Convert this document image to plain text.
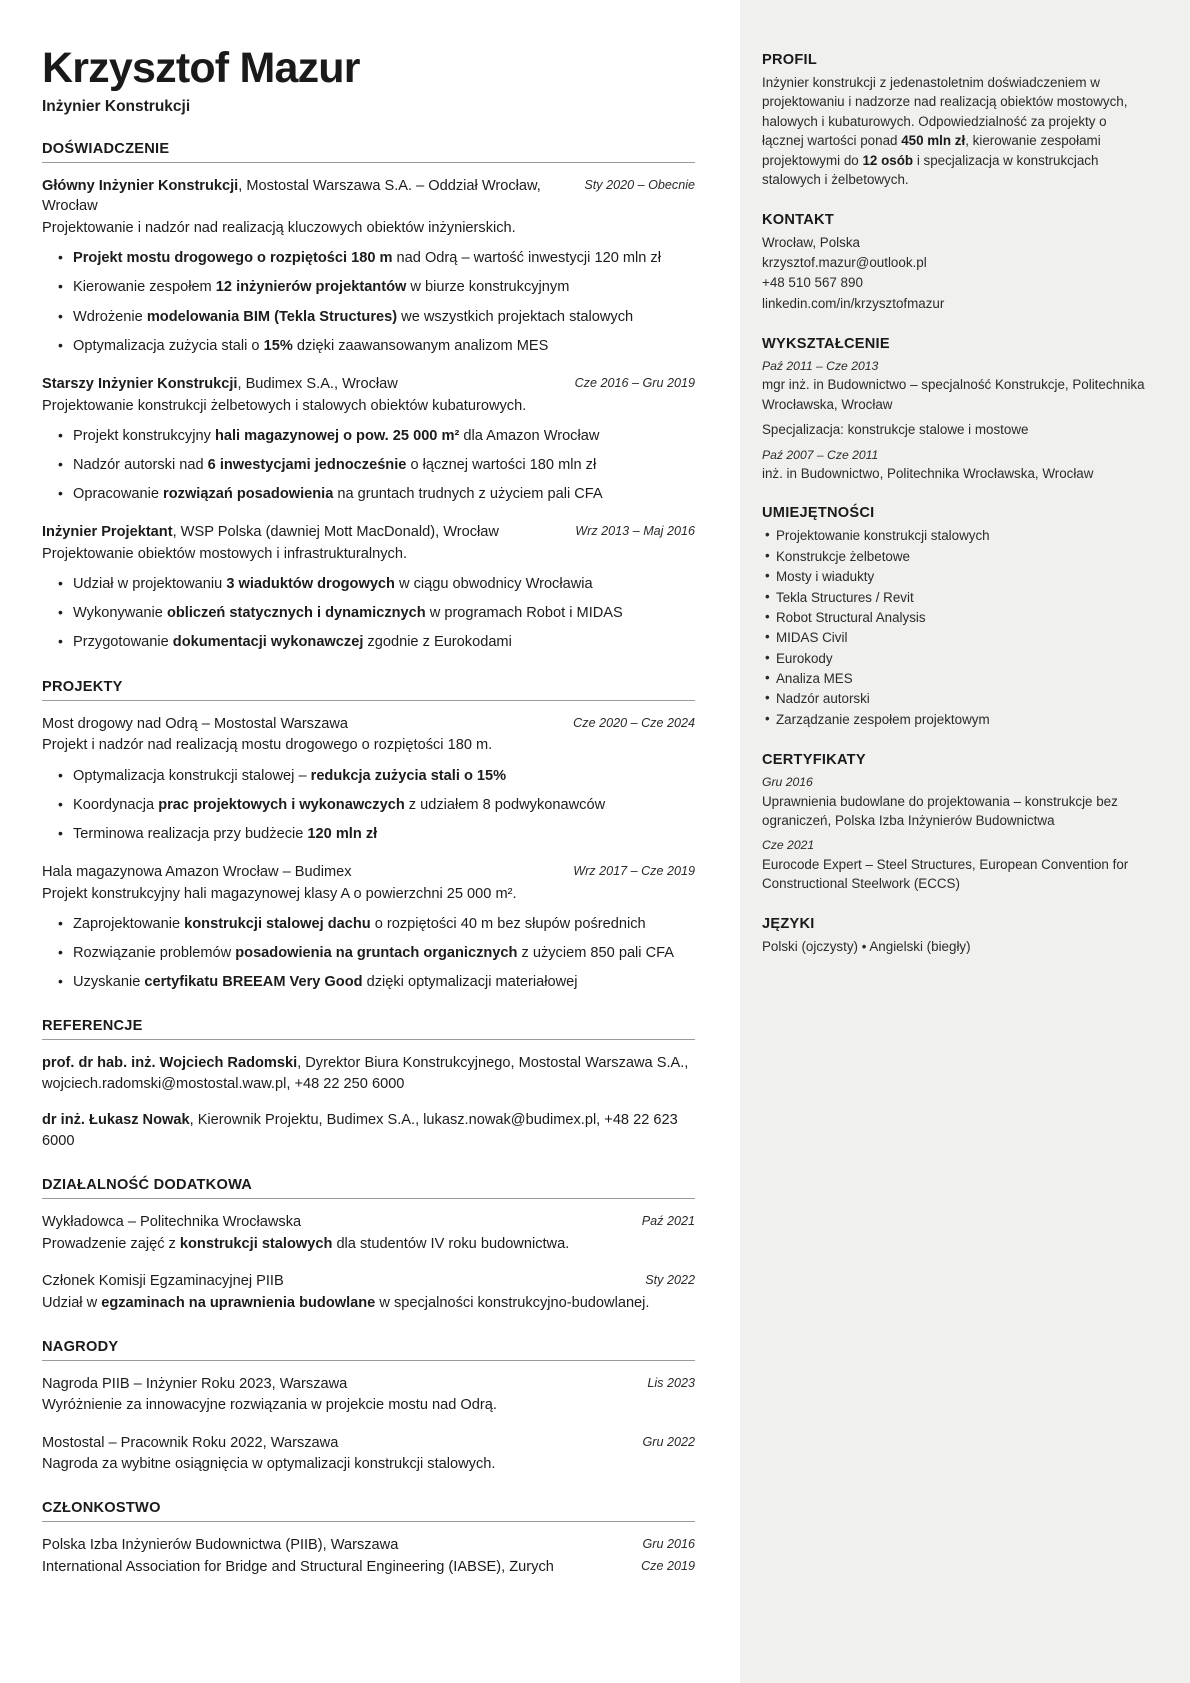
Krzysztof Mazur
Inżynier Konstrukcji
DOŚWIADCZENIE
Główny Inżynier Konstrukcji, Mostostal Warszawa S.A. – Oddział Wrocław, Wrocław
Sty 2020 – Obecnie
Projektowanie i nadzór nad realizacją kluczowych obiektów inżynierskich.
• Projekt mostu drogowego o rozpiętości 180 m nad Odrą – wartość inwestycji 120 mln zł
• Kierowanie zespołem 12 inżynierów projektantów w biurze konstrukcyjnym
• Wdrożenie modelowania BIM (Tekla Structures) we wszystkich projektach stalowych
• Optymalizacja zużycia stali o 15% dzięki zaawansowanym analizom MES
Starszy Inżynier Konstrukcji, Budimex S.A., Wrocław	Cze 2016 – Gru 2019
Projektowanie konstrukcji żelbetowych i stalowych obiektów kubaturowych.
• Projekt konstrukcyjny hali magazynowej o pow. 25 000 m² dla Amazon Wrocław
• Nadzór autorski nad 6 inwestycjami jednocześnie o łącznej wartości 180 mln zł
• Opracowanie rozwiązań posadowienia na gruntach trudnych z użyciem pali CFA
Inżynier Projektant, WSP Polska (dawniej Mott MacDonald), Wrocław	Wrz 2013 – Maj 2016
Projektowanie obiektów mostowych i infrastrukturalnych.
• Udział w projektowaniu 3 wiaduktów drogowych w ciągu obwodnicy Wrocławia
• Wykonywanie obliczeń statycznych i dynamicznych w programach Robot i MIDAS
• Przygotowanie dokumentacji wykonawczej zgodnie z Eurokodami
PROJEKTY
Most drogowy nad Odrą – Mostostal Warszawa	Cze 2020 – Cze 2024
Projekt i nadzór nad realizacją mostu drogowego o rozpiętości 180 m.
• Optymalizacja konstrukcji stalowej – redukcja zużycia stali o 15%
• Koordynacja prac projektowych i wykonawczych z udziałem 8 podwykonawców
• Terminowa realizacja przy budżecie 120 mln zł
Hala magazynowa Amazon Wrocław – Budimex	Wrz 2017 – Cze 2019
Projekt konstrukcyjny hali magazynowej klasy A o powierzchni 25 000 m².
• Zaprojektowanie konstrukcji stalowej dachu o rozpiętości 40 m bez słupów pośrednich
• Rozwiązanie problemów posadowienia na gruntach organicznych z użyciem 850 pali CFA
• Uzyskanie certyfikatu BREEAM Very Good dzięki optymalizacji materiałowej
REFERENCJE
prof. dr hab. inż. Wojciech Radomski, Dyrektor Biura Konstrukcyjnego, Mostostal Warszawa S.A., wojciech.radomski@mostostal.waw.pl, +48 22 250 6000
dr inż. Łukasz Nowak, Kierownik Projektu, Budimex S.A., lukasz.nowak@budimex.pl, +48 22 623 6000
DZIAŁALNOŚĆ DODATKOWA
Wykładowca – Politechnika Wrocławska	Paź 2021
Prowadzenie zajęć z konstrukcji stalowych dla studentów IV roku budownictwa.
Członek Komisji Egzaminacyjnej PIIB	Sty 2022
Udział w egzaminach na uprawnienia budowlane w specjalności konstrukcyjno-budowlanej.
NAGRODY
Nagroda PIIB – Inżynier Roku 2023, Warszawa	Lis 2023
Wyróżnienie za innowacyjne rozwiązania w projekcie mostu nad Odrą.
Mostostal – Pracownik Roku 2022, Warszawa	Gru 2022
Nagroda za wybitne osiągnięcia w optymalizacji konstrukcji stalowych.
CZŁONKOSTWO
Polska Izba Inżynierów Budownictwa (PIIB), Warszawa	Gru 2016
International Association for Bridge and Structural Engineering (IABSE), Zurych	Cze 2019
PROFIL

Inżynier konstrukcji z jedenastoletnim doświadczeniem w projektowaniu i nadzorze nad realizacją obiektów mostowych, halowych i kubaturowych. Odpowiedzialność za projekty o łącznej wartości ponad 450 mln zł, kierowanie zespołami projektowymi do 12 osób i specjalizacja w konstrukcjach stalowych i żelbetowych.

KONTAKT
Wrocław, Polska
krzysztof.mazur@outlook.pl
+48 510 567 890
linkedin.com/in/krzysztofmazur
WYKSZTAŁCENIE
Paź 2011 – Cze 2013
mgr inż. in Budownictwo – specjalność Konstrukcje, Politechnika Wrocławska, Wrocław
Specjalizacja: konstrukcje stalowe i mostowe
Paź 2007 – Cze 2011
inż. in Budownictwo, Politechnika Wrocławska, Wrocław
UMIEJĘTNOŚCI
• Projektowanie konstrukcji stalowych
• Konstrukcje żelbetowe
• Mosty i wiadukty
• Tekla Structures / Revit
• Robot Structural Analysis
• MIDAS Civil
• Eurokody
• Analiza MES
• Nadzór autorski
• Zarządzanie zespołem projektowym
CERTYFIKATY
Gru 2016
Uprawnienia budowlane do projektowania – konstrukcje bez ograniczeń, Polska Izba Inżynierów Budownictwa
Cze 2021
Eurocode Expert – Steel Structures, European Convention for Constructional Steelwork (ECCS)
JĘZYKI
Polski (ojczysty) • Angielski (biegły)
